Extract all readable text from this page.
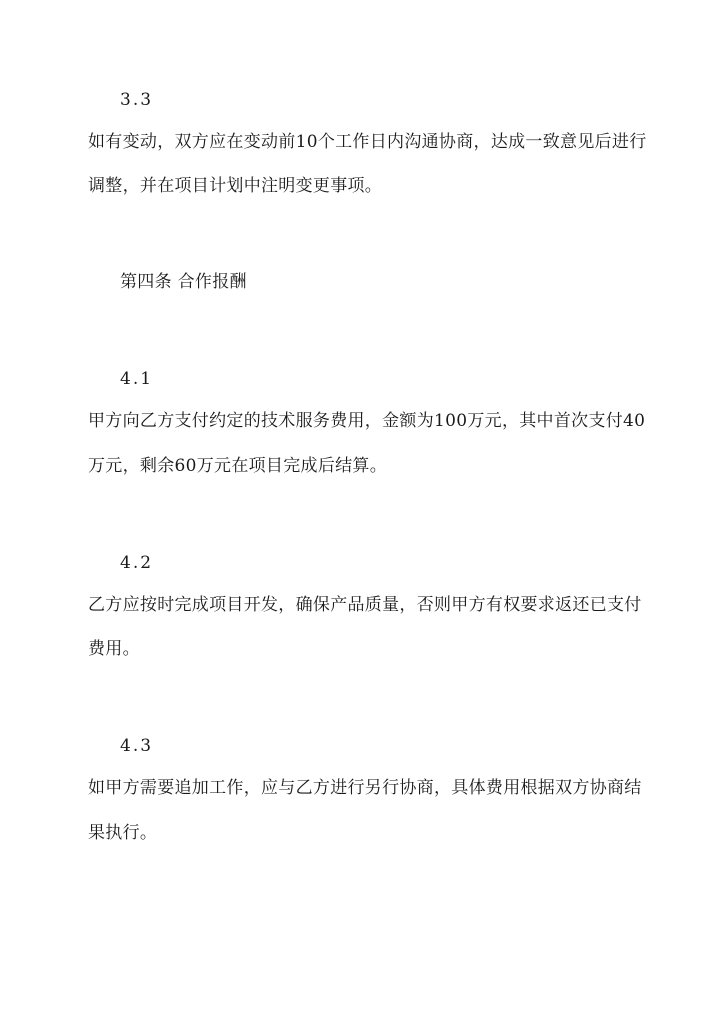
3.3
如有变动，双方应在变动前10个工作日内沟通协商，达成一致意见后进行
调整，并在项目计划中注明变更事项。
第四条 合作报酬
4.1
甲方向乙方支付约定的技术服务费用，金额为100万元，其中首次支付40
万元，剩余60万元在项目完成后结算。
4.2
乙方应按时完成项目开发，确保产品质量，否则甲方有权要求返还已支付
费用。
4.3
如甲方需要追加工作，应与乙方进行另行协商，具体费用根据双方协商结
果执行。
